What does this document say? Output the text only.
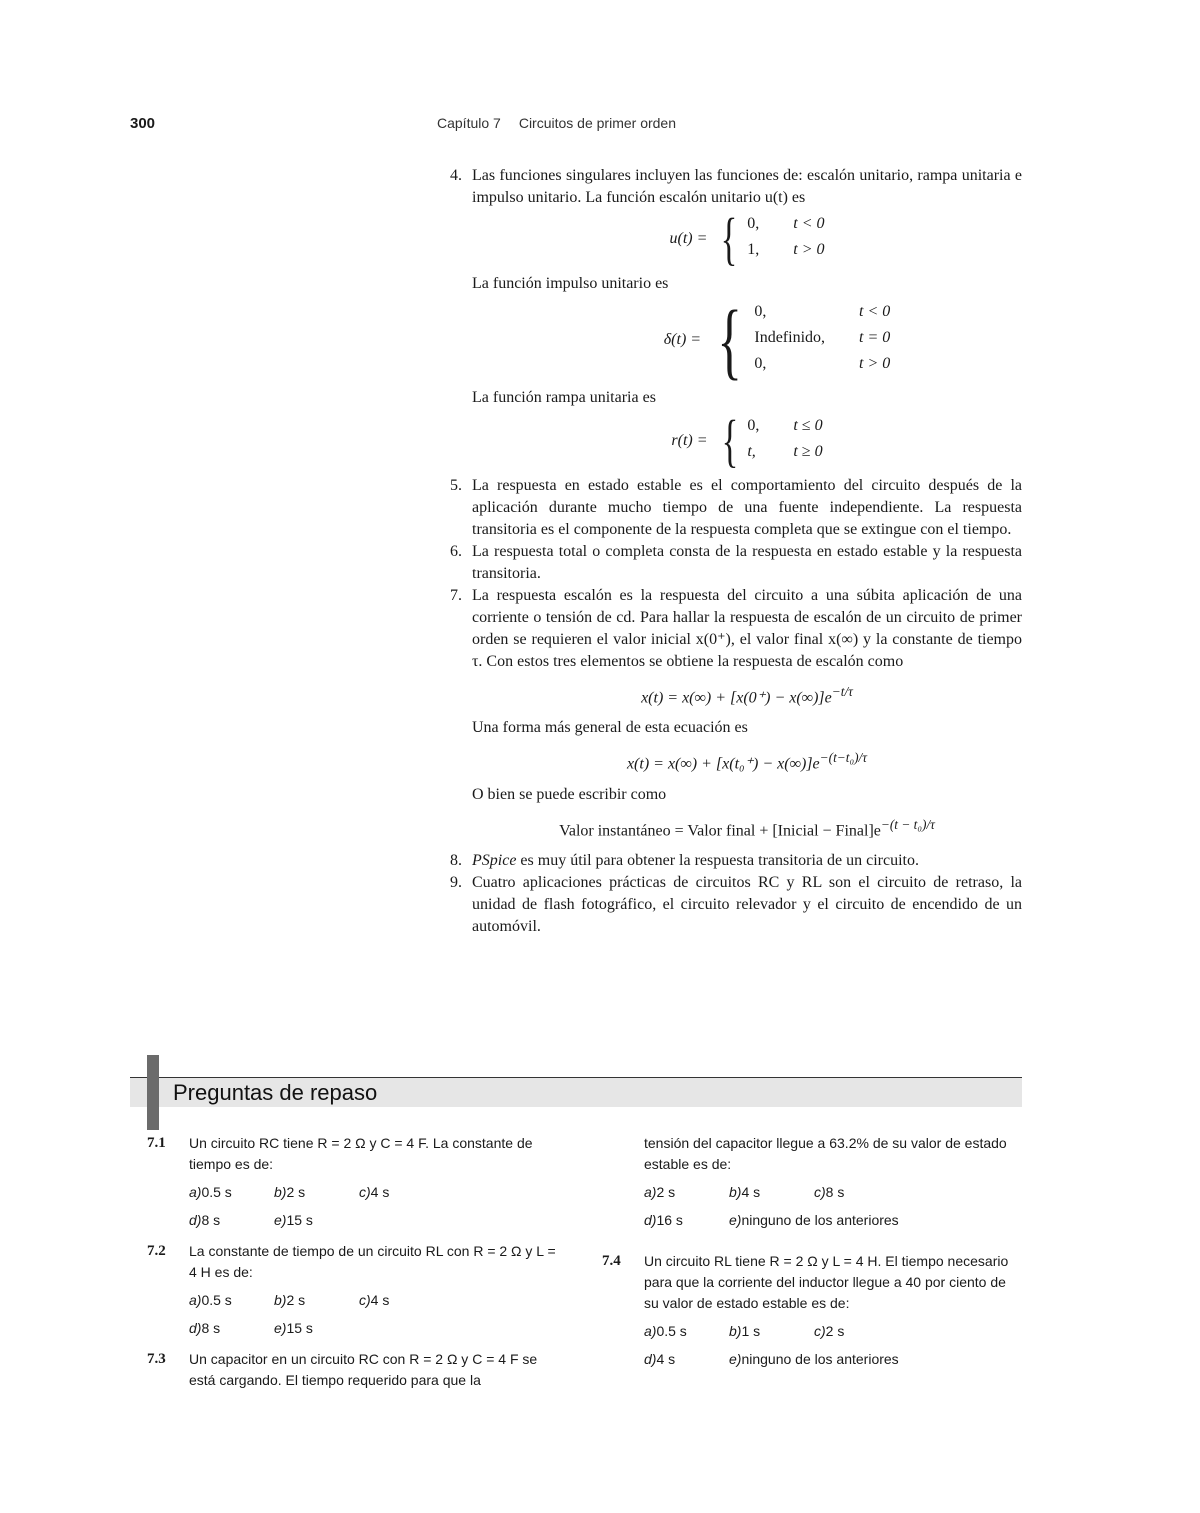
300	Capítulo 7 Circuitos de primer orden
4. Las funciones singulares incluyen las funciones de: escalón unitario, rampa unitaria e impulso unitario. La función escalón unitario u(t) es
u(t) = { 0,	t < 0
1,	t > 0
La función impulso unitario es
δ(t) = { 0,	t < 0
Indefinido,	t = 0
0,	t > 0
La función rampa unitaria es
r(t) = { 0,	t ≤ 0
t,	t ≥ 0
5. La respuesta en estado estable es el comportamiento del circuito después de la aplicación durante mucho tiempo de una fuente independiente. La respuesta transitoria es el componente de la respuesta completa que se extingue con el tiempo.
6. La respuesta total o completa consta de la respuesta en estado estable y la respuesta transitoria.
7. La respuesta escalón es la respuesta del circuito a una súbita aplicación de una corriente o tensión de cd. Para hallar la respuesta de escalón de un circuito de primer orden se requieren el valor inicial x(0⁺), el valor final x(∞) y la constante de tiempo τ. Con estos tres elementos se obtiene la respuesta de escalón como
$x(t) = x(\infty) + [x(0^+) - x(\infty)]e^{-t/\tau}$
Una forma más general de esta ecuación es
$x(t) = x(\infty) + [x(t_0^+) - x(\infty)]e^{-(t-t_0)/\tau}$
O bien se puede escribir como
Valor instantáneo = Valor final + [Inicial − $Final]e^{-(t - t_0)/\tau}$
8. PSpice es muy útil para obtener la respuesta transitoria de un circuito.
9. Cuatro aplicaciones prácticas de circuitos RC y RL son el circuito de retraso, la unidad de flash fotográfico, el circuito relevador y el circuito de encendido de un automóvil.
Preguntas de repaso
7.1 Un circuito RC tiene R = 2 Ω y C = 4 F. La constante de tiempo es de:
a)0.5 s	b)2 s	c)4 s
d)8 s	e)15 s
7.2 La constante de tiempo de un circuito RL con R = 2 Ω y L = 4 H es de:
a)0.5 s	b)2 s	c)4 s
d)8 s	e)15 s
7.3 Un capacitor en un circuito RC con R = 2 Ω y C = 4 F se está cargando. El tiempo requerido para que la
tensión del capacitor llegue a 63.2% de su valor de estado estable es de:
a)2 s	b)4 s	c)8 s
d)16 s	e)ninguno de los anteriores
7.4 Un circuito RL tiene R = 2 Ω y L = 4 H. El tiempo necesario para que la corriente del inductor llegue a 40 por ciento de su valor de estado estable es de:
a)0.5 s	b)1 s	c)2 s
d)4 s	e)ninguno de los anteriores
